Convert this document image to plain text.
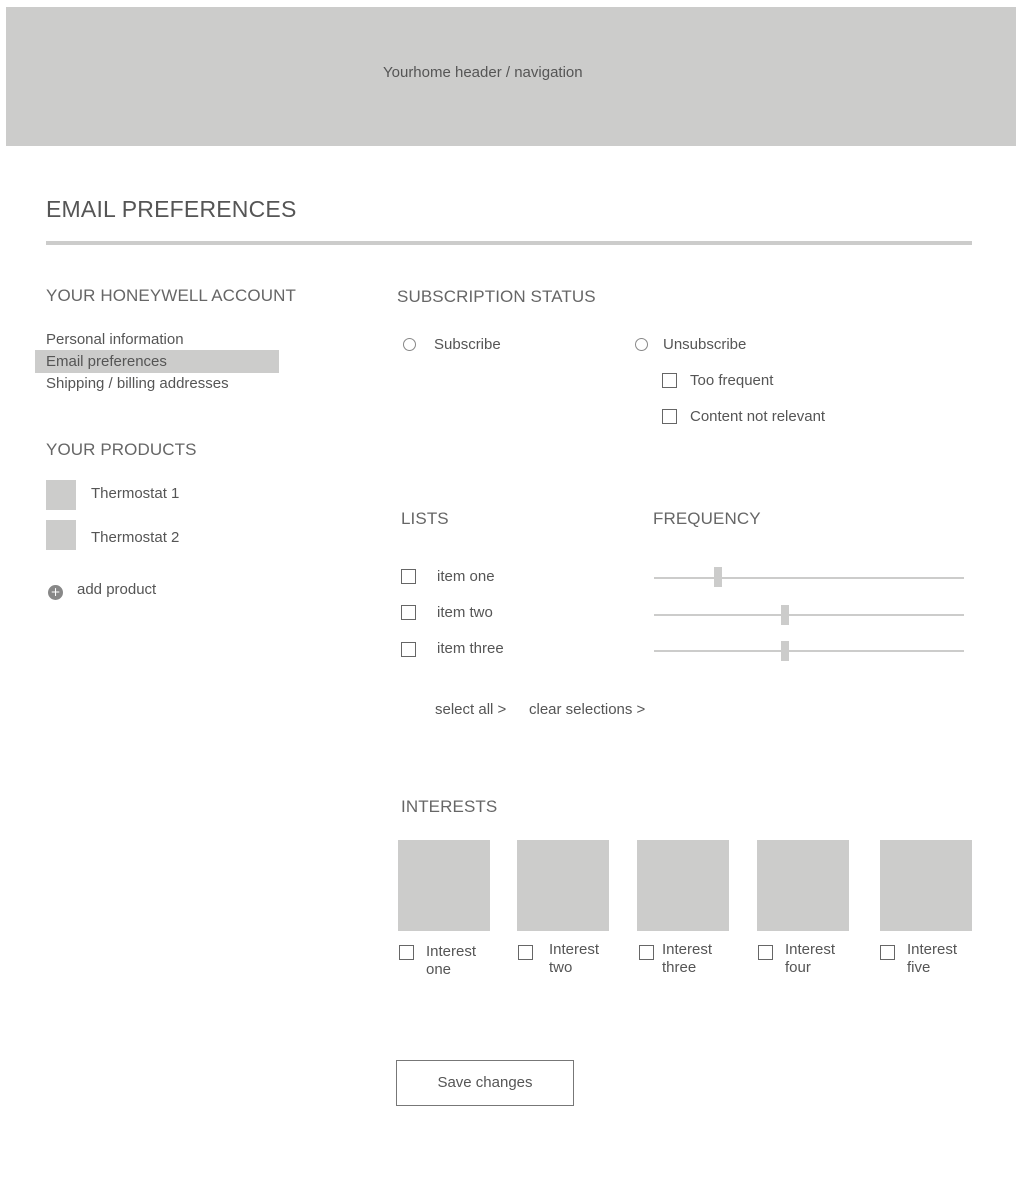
Yourhome header / navigation
EMAIL PREFERENCES
YOUR HONEYWELL ACCOUNT
Personal information
Email preferences
Shipping / billing addresses
YOUR PRODUCTS
Thermostat 1
Thermostat 2
+ add product
SUBSCRIPTION STATUS
Subscribe	Unsubscribe
Too frequent
Content not relevant
LISTS
item one
item two
item three
select all > clear selections >
FREQUENCY
INTERESTS
Interest
one
Interest
two
Interest
three
Interest
four
Interest
five
Save changes
